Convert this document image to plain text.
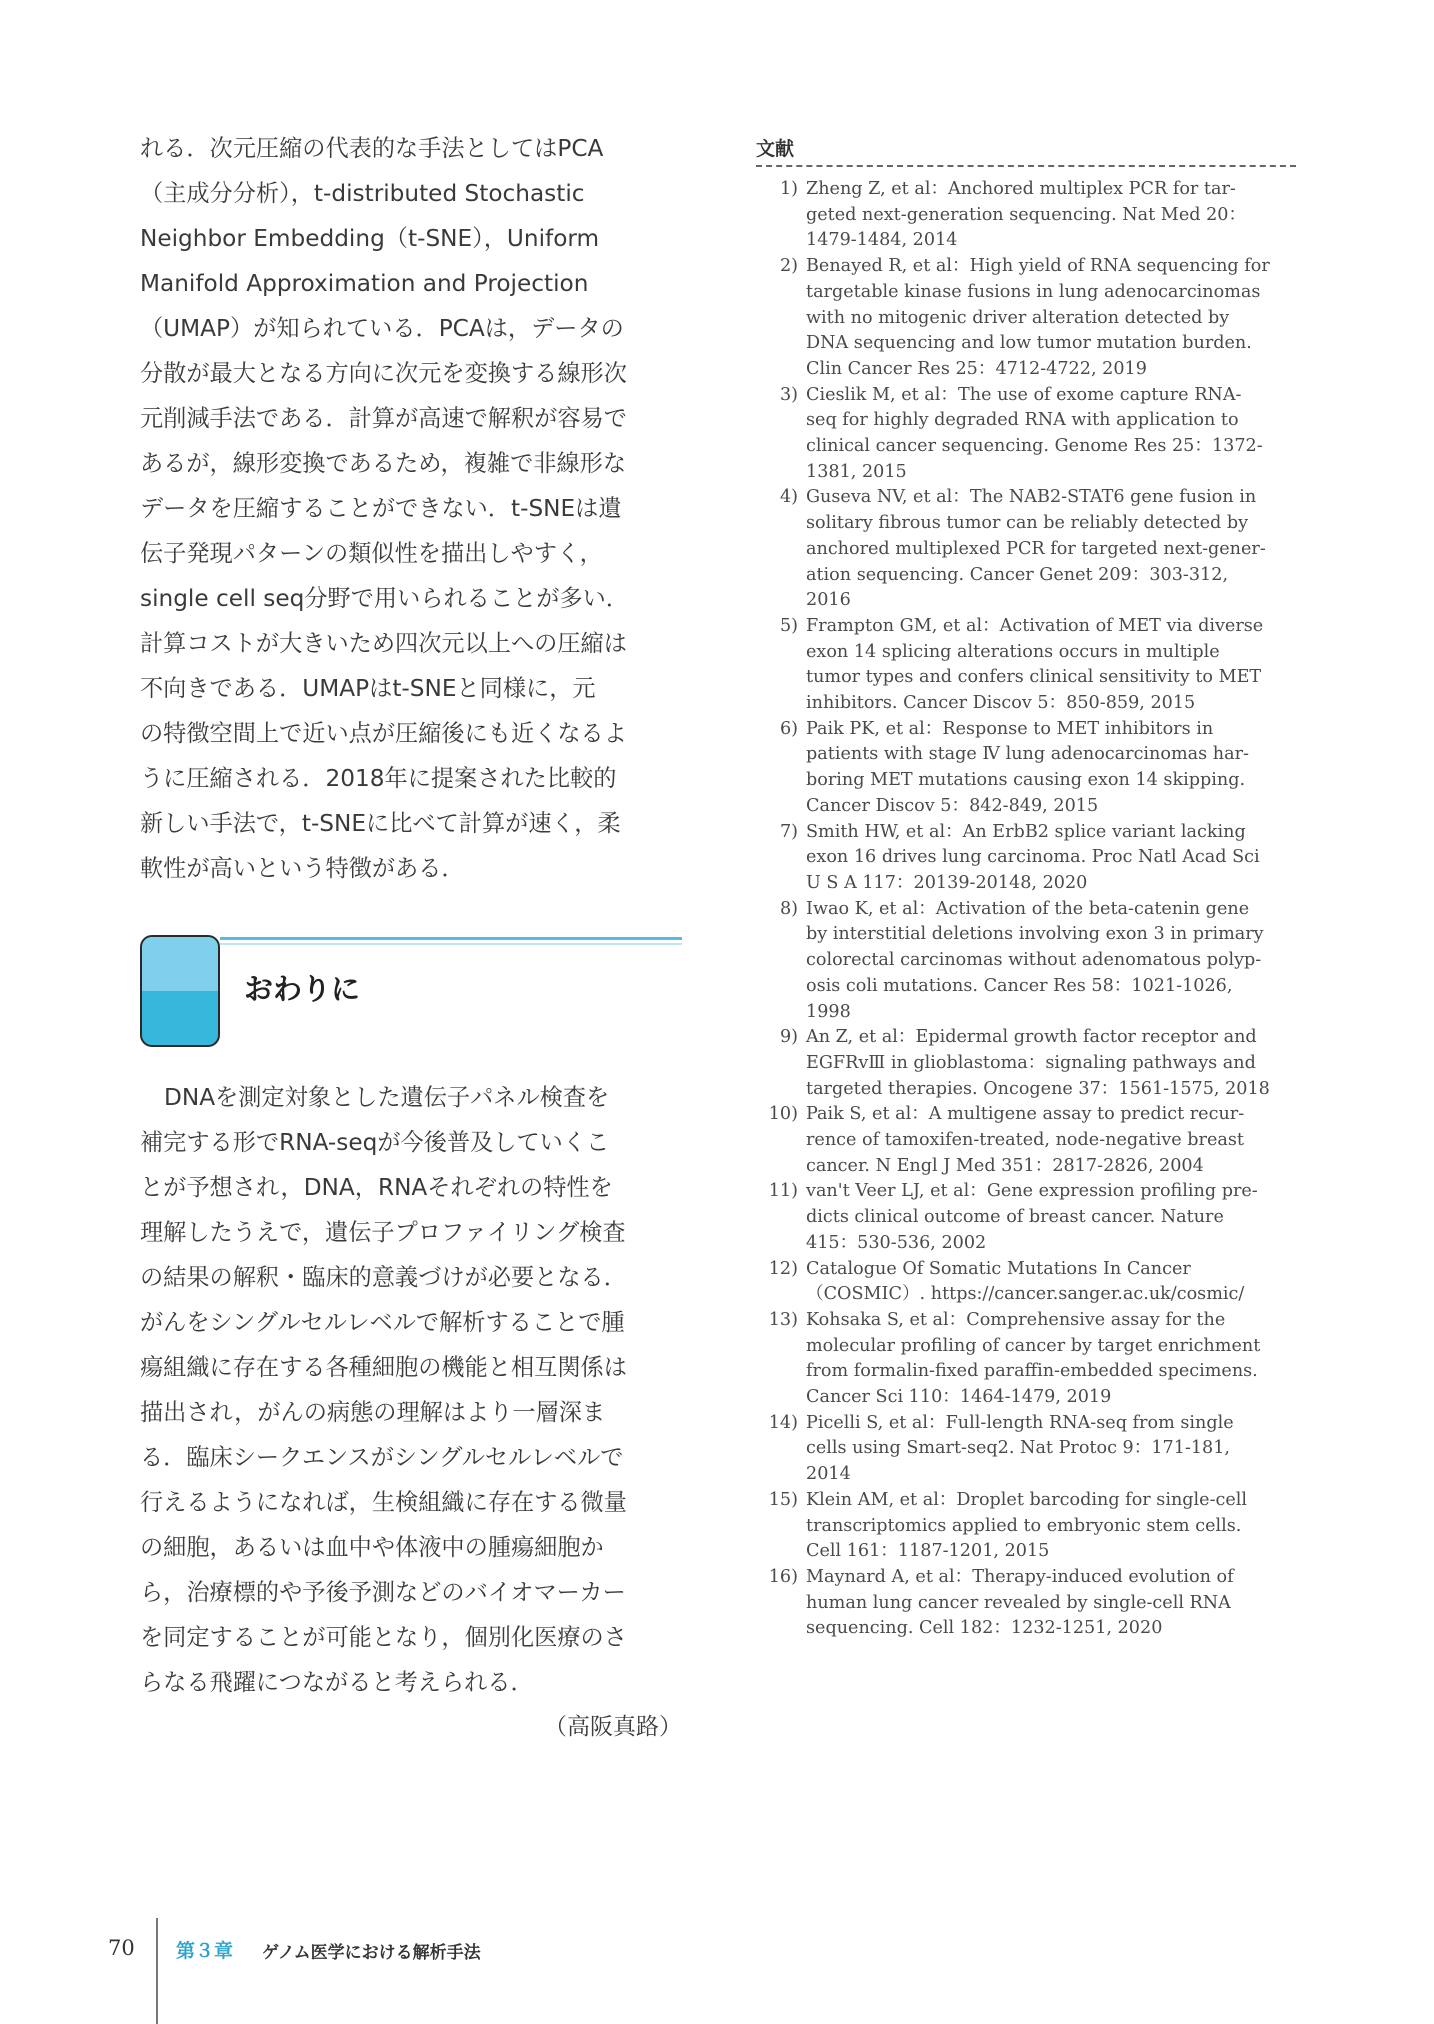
れる．次元圧縮の代表的な手法としてはPCA
（主成分分析），t-distributed Stochastic
Neighbor Embedding（t-SNE），Uniform
Manifold Approximation and Projection
（UMAP）が知られている．PCAは，データの
分散が最大となる方向に次元を変換する線形次
元削減手法である．計算が高速で解釈が容易で
あるが，線形変換であるため，複雑で非線形な
データを圧縮することができない．t-SNEは遺
伝子発現パターンの類似性を描出しやすく，
single cell seq分野で用いられることが多い．
計算コストが大きいため四次元以上への圧縮は
不向きである．UMAPはt-SNEと同様に，元
の特徴空間上で近い点が圧縮後にも近くなるよ
うに圧縮される．2018年に提案された比較的
新しい手法で，t-SNEに比べて計算が速く，柔
軟性が高いという特徴がある．

おわりに

DNAを測定対象とした遺伝子パネル検査を
補完する形でRNA-seqが今後普及していくこ
とが予想され，DNA，RNAそれぞれの特性を
理解したうえで，遺伝子プロファイリング検査
の結果の解釈・臨床的意義づけが必要となる．
がんをシングルセルレベルで解析することで腫
瘍組織に存在する各種細胞の機能と相互関係は
描出され，がんの病態の理解はより一層深ま
る．臨床シークエンスがシングルセルレベルで
行えるようになれば，生検組織に存在する微量
の細胞，あるいは血中や体液中の腫瘍細胞か
ら，治療標的や予後予測などのバイオマーカー
を同定することが可能となり，個別化医療のさ
らなる飛躍につながると考えられる．

（高阪真路）
文献
1) Zheng Z, et al：Anchored multiplex PCR for tar-
geted next-generation sequencing. Nat Med 20：
1479-1484, 2014
2) Benayed R, et al：High yield of RNA sequencing for
targetable kinase fusions in lung adenocarcinomas
with no mitogenic driver alteration detected by
DNA sequencing and low tumor mutation burden.
Clin Cancer Res 25：4712-4722, 2019
3) Cieslik M, et al：The use of exome capture RNA-
seq for highly degraded RNA with application to
clinical cancer sequencing. Genome Res 25：1372-
1381, 2015
4) Guseva NV, et al：The NAB2-STAT6 gene fusion in
solitary fibrous tumor can be reliably detected by
anchored multiplexed PCR for targeted next-gener-
ation sequencing. Cancer Genet 209：303-312,
2016
5) Frampton GM, et al：Activation of MET via diverse
exon 14 splicing alterations occurs in multiple
tumor types and confers clinical sensitivity to MET
inhibitors. Cancer Discov 5：850-859, 2015
6) Paik PK, et al：Response to MET inhibitors in
patients with stage Ⅳ lung adenocarcinomas har-
boring MET mutations causing exon 14 skipping.
Cancer Discov 5：842-849, 2015
7) Smith HW, et al：An ErbB2 splice variant lacking
exon 16 drives lung carcinoma. Proc Natl Acad Sci
U S A 117：20139-20148, 2020
8) Iwao K, et al：Activation of the beta-catenin gene
by interstitial deletions involving exon 3 in primary
colorectal carcinomas without adenomatous polyp-
osis coli mutations. Cancer Res 58：1021-1026,
1998
9) An Z, et al：Epidermal growth factor receptor and
EGFRvⅢ in glioblastoma：signaling pathways and
targeted therapies. Oncogene 37：1561-1575, 2018
10) Paik S, et al：A multigene assay to predict recur-
rence of tamoxifen-treated, node-negative breast
cancer. N Engl J Med 351：2817-2826, 2004
11) van't Veer LJ, et al：Gene expression profiling pre-
dicts clinical outcome of breast cancer. Nature
415：530-536, 2002
12) Catalogue Of Somatic Mutations In Cancer
（COSMIC）. https://cancer.sanger.ac.uk/cosmic/
13) Kohsaka S, et al：Comprehensive assay for the
molecular profiling of cancer by target enrichment
from formalin-fixed paraffin-embedded specimens.
Cancer Sci 110：1464-1479, 2019
14) Picelli S, et al：Full-length RNA-seq from single
cells using Smart-seq2. Nat Protoc 9：171-181,
2014
15) Klein AM, et al：Droplet barcoding for single-cell
transcriptomics applied to embryonic stem cells.
Cell 161：1187-1201, 2015
16) Maynard A, et al：Therapy-induced evolution of
human lung cancer revealed by single-cell RNA
sequencing. Cell 182：1232-1251, 2020
70 第３章 ゲノム医学における解析手法
